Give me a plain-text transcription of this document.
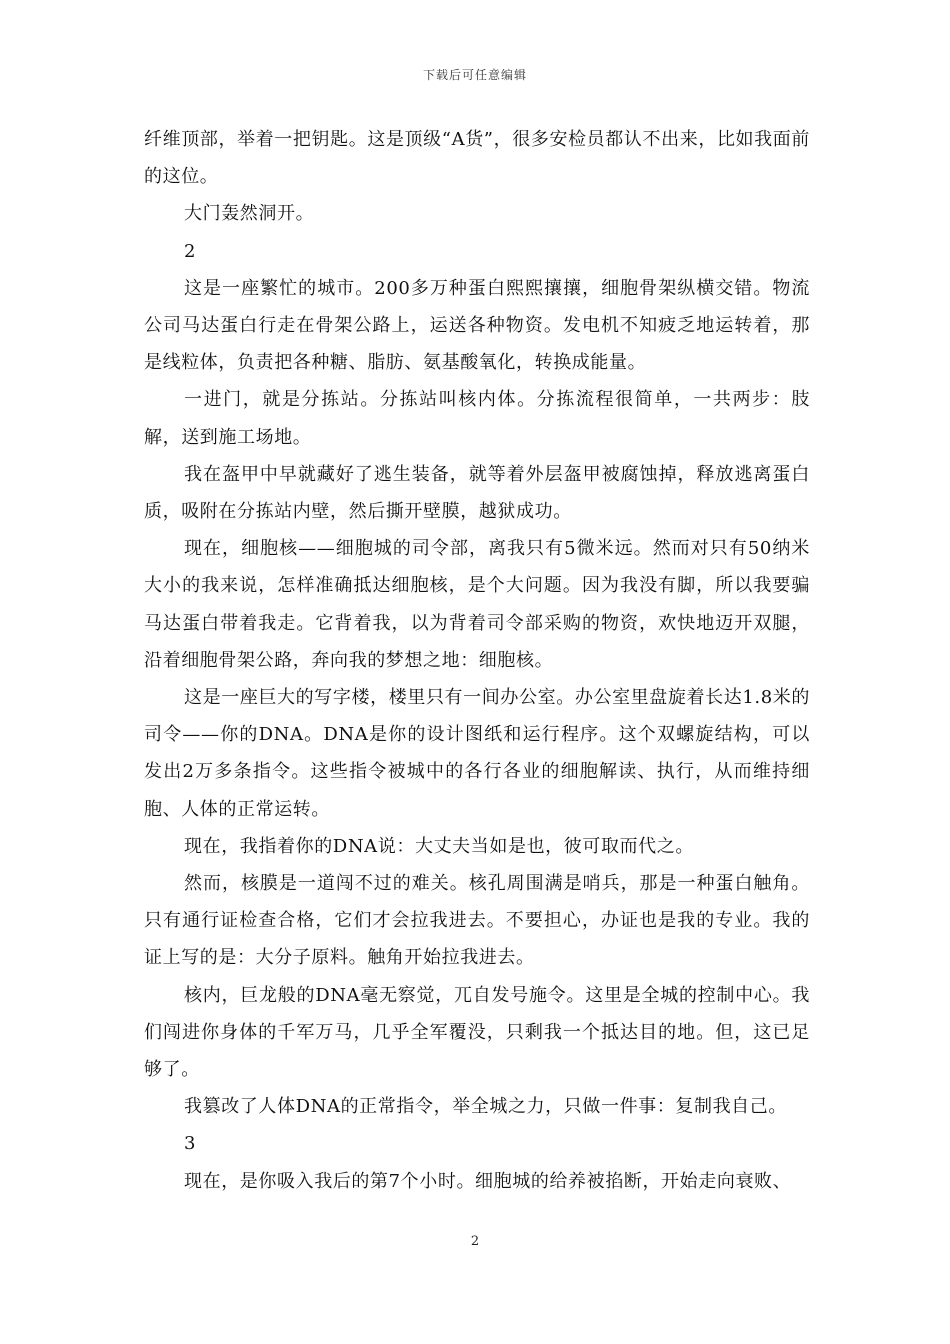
下载后可任意编辑

纤维顶部，举着一把钥匙。这是顶级“A货”，很多安检员都认不出来，比如我面前的这位。

大门轰然洞开。

2

这是一座繁忙的城市。200多万种蛋白熙熙攘攘，细胞骨架纵横交错。物流公司马达蛋白行走在骨架公路上，运送各种物资。发电机不知疲乏地运转着，那是线粒体，负责把各种糖、脂肪、氨基酸氧化，转换成能量。

一进门，就是分拣站。分拣站叫核内体。分拣流程很简单，一共两步：肢解，送到施工场地。

我在盔甲中早就藏好了逃生装备，就等着外层盔甲被腐蚀掉，释放逃离蛋白质，吸附在分拣站内壁，然后撕开壁膜，越狱成功。

现在，细胞核——细胞城的司令部，离我只有5微米远。然而对只有50纳米大小的我来说，怎样准确抵达细胞核，是个大问题。因为我没有脚，所以我要骗马达蛋白带着我走。它背着我，以为背着司令部采购的物资，欢快地迈开双腿，沿着细胞骨架公路，奔向我的梦想之地：细胞核。

这是一座巨大的写字楼，楼里只有一间办公室。办公室里盘旋着长达1.8米的司令——你的DNA。DNA是你的设计图纸和运行程序。这个双螺旋结构，可以发出2万多条指令。这些指令被城中的各行各业的细胞解读、执行，从而维持细胞、人体的正常运转。

现在，我指着你的DNA说：大丈夫当如是也，彼可取而代之。

然而，核膜是一道闯不过的难关。核孔周围满是哨兵，那是一种蛋白触角。只有通行证检查合格，它们才会拉我进去。不要担心，办证也是我的专业。我的证上写的是：大分子原料。触角开始拉我进去。

核内，巨龙般的DNA毫无察觉，兀自发号施令。这里是全城的控制中心。我们闯进你身体的千军万马，几乎全军覆没，只剩我一个抵达目的地。但，这已足够了。

我篡改了人体DNA的正常指令，举全城之力，只做一件事：复制我自己。

3

现在，是你吸入我后的第7个小时。细胞城的给养被掐断，开始走向衰败、

2
